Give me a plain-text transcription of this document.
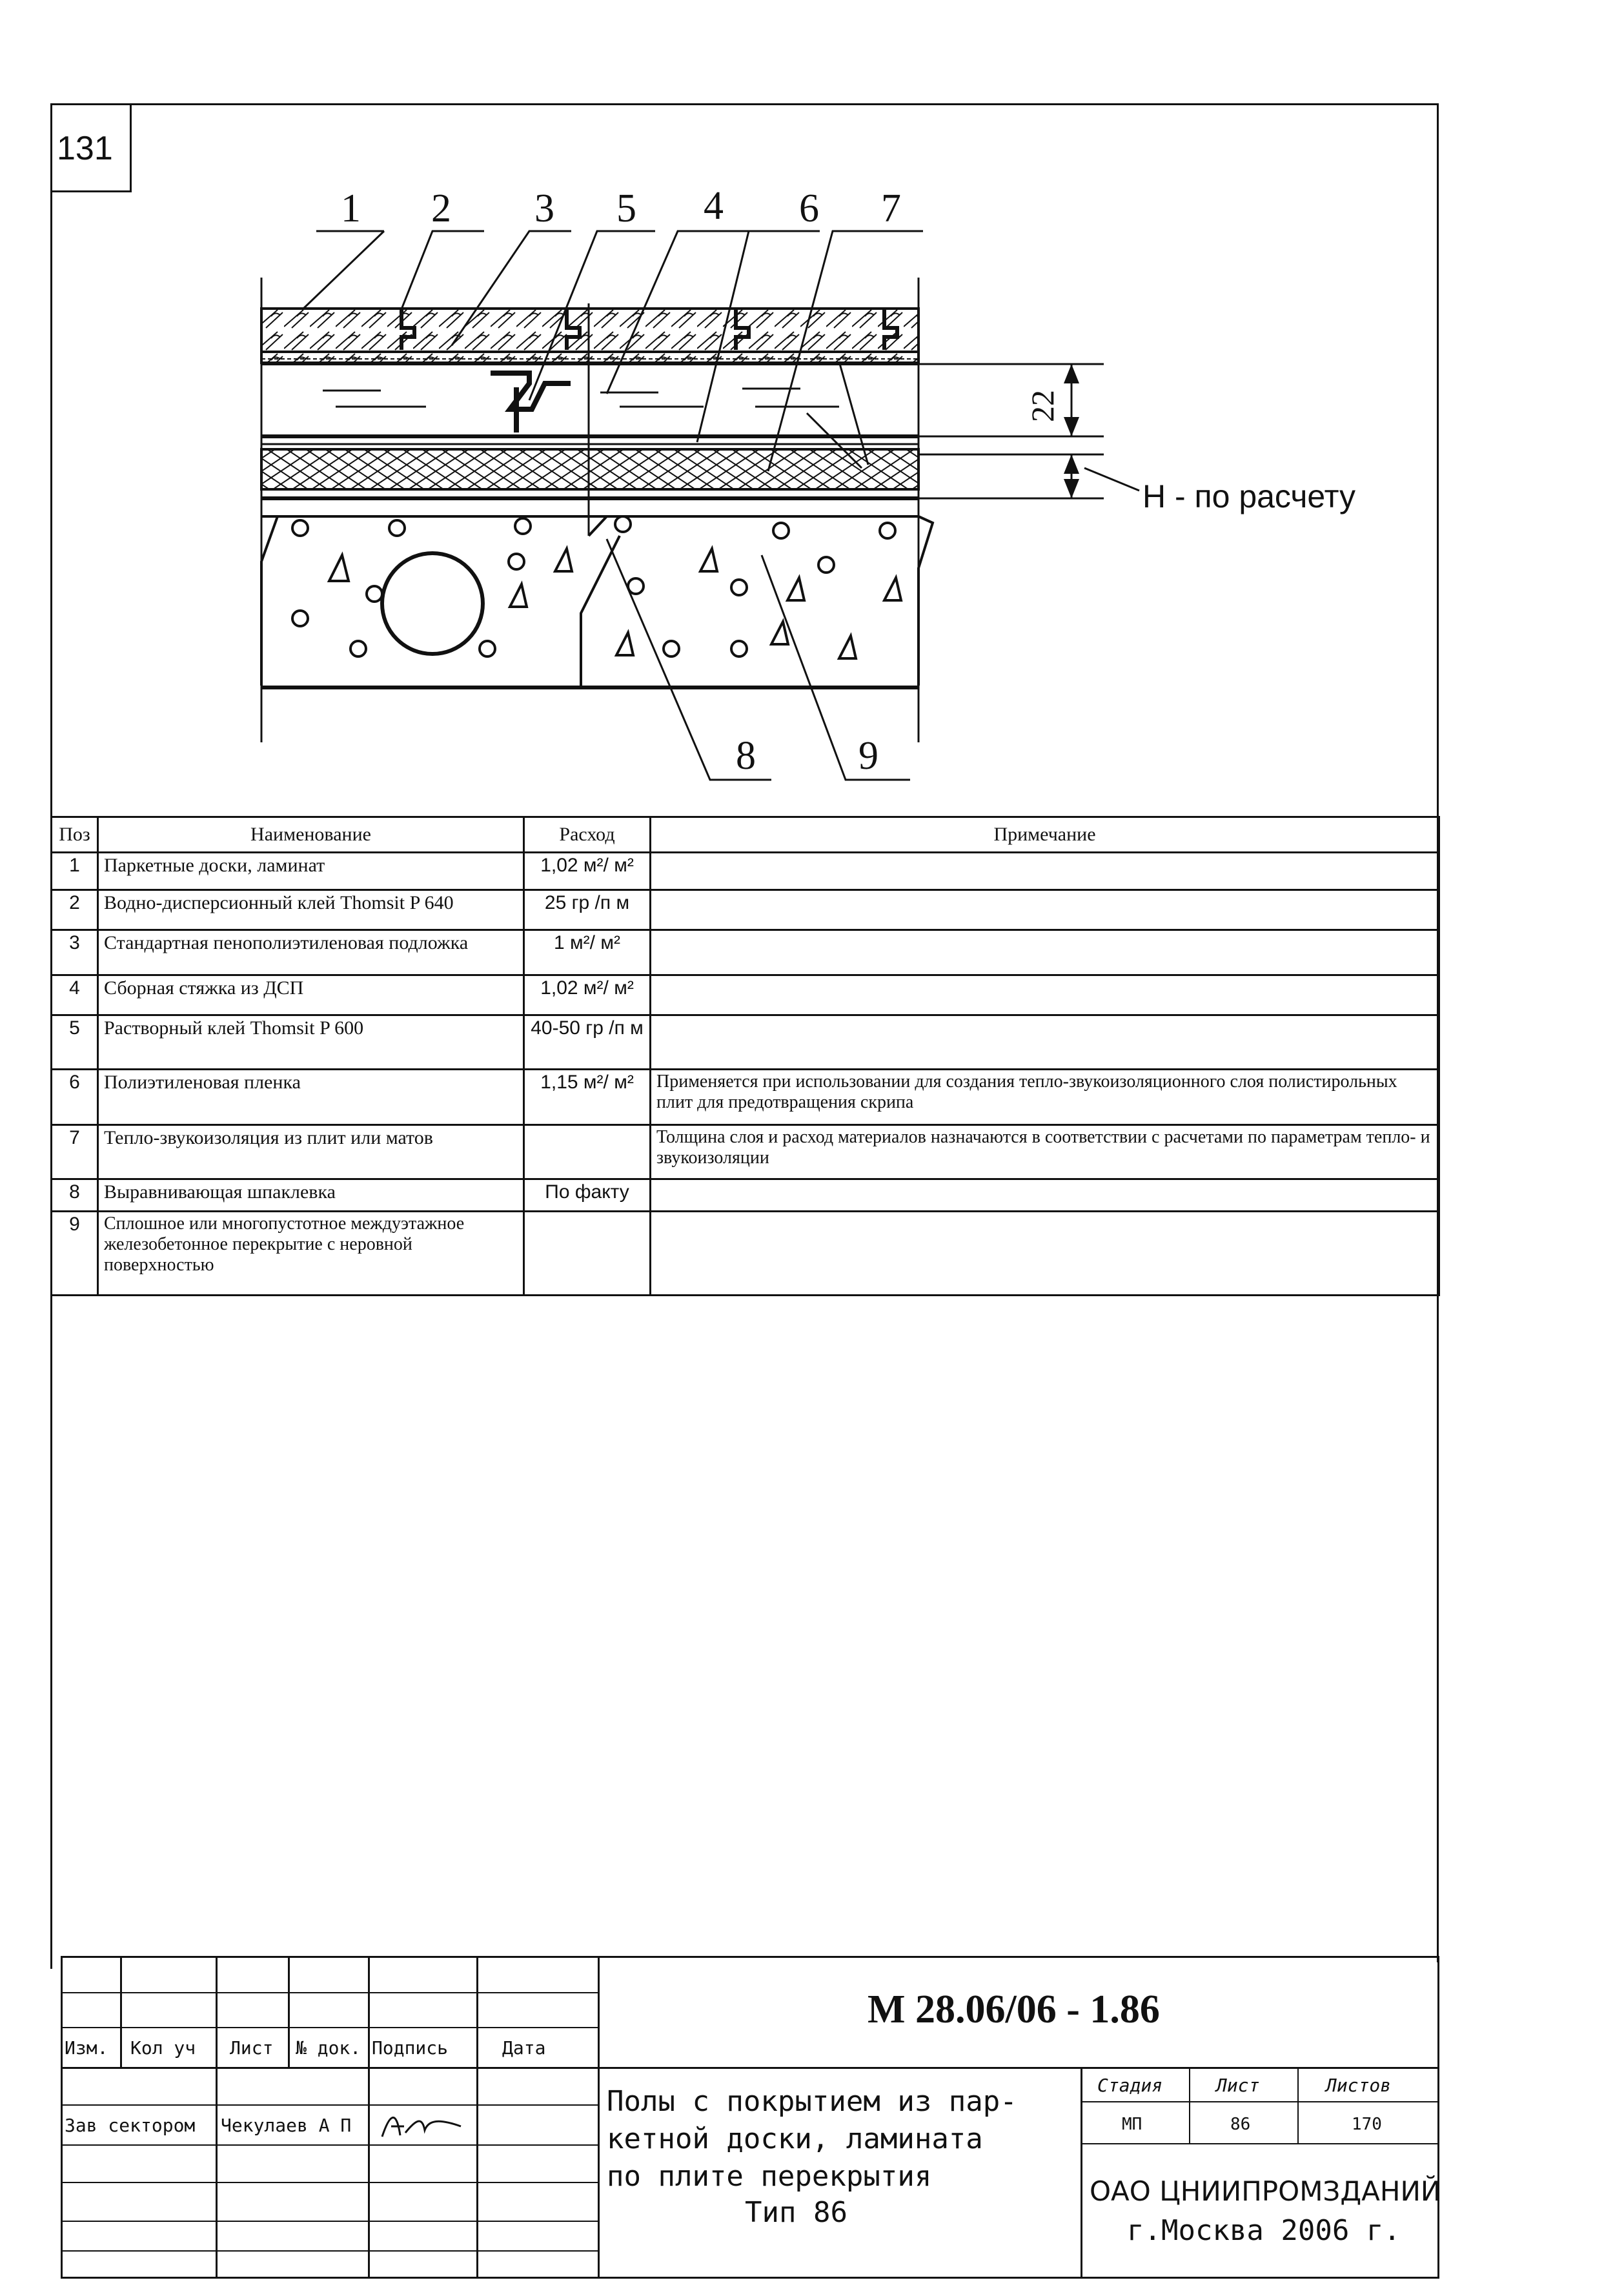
131
1 2 3 5 4 6 7
8	9
22
H - по расчету
Поз	Наименование	Расход	Примечание
1	Паркетные доски, ламинат	1,02 м²/ м²	
2	Водно-дисперсионный клей Thomsit P 640	25 гр /п м	
3	Стандартная пенополиэтиленовая подложка	1 м²/ м²	
4	Сборная стяжка из ДСП	1,02 м²/ м²	
5	Растворный клей Thomsit P 600	40-50 гр /п м	
6	Полиэтиленовая пленка	1,15 м²/ м²	Применяется при использовании для создания тепло-звукоизоляционного слоя полистирольных плит для предотвращения скрипа
7	Тепло-звукоизоляция из плит или матов		Толщина слоя и расход материалов назначаются в соответствии с расчетами по параметрам тепло- и звукоизоляции
8	Выравнивающая шпаклевка	По факту	
9	Сплошное или многопустотное междуэтажное железобетонное перекрытие с неровной поверхностью		
М 28.06/06 - 1.86
Изм. Кол уч Лист № док. Подпись	Дата
Зав сектором Чекулаев А П
Полы с покрытием из пар-
кетной доски, ламината
по плите перекрытия
Тип 86
Стадия	Лист	Листов
МП	86	170
ОАО ЦНИИПРОМЗДАНИЙ
г.Москва 2006 г.
